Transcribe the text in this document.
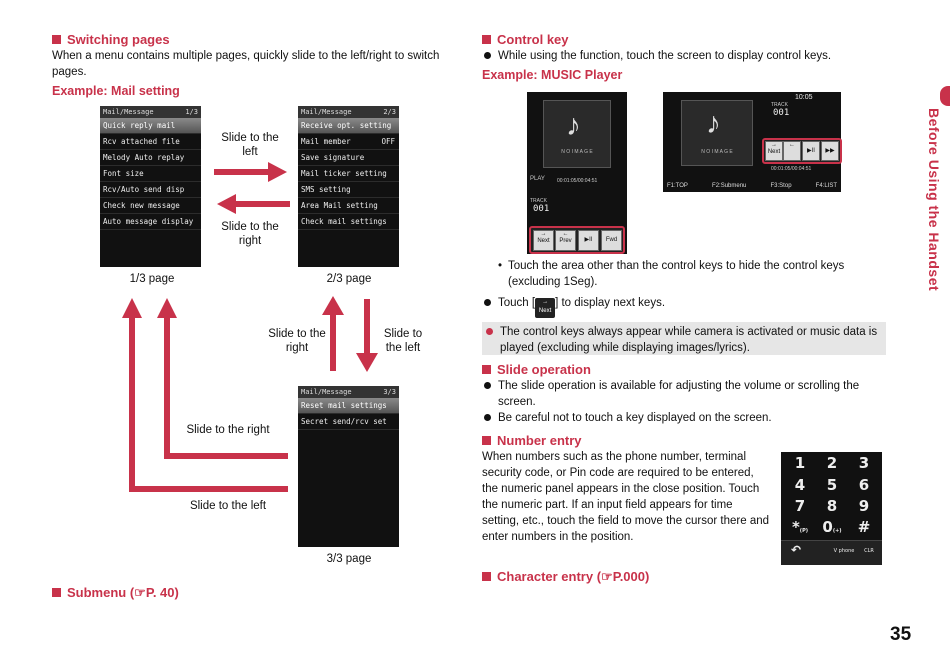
Before Using the Handset
Switching pages
When a menu contains multiple pages, quickly slide to the left/right to switch pages.
Example: Mail setting
Mail/Message	1/3
Quick reply mail
Rcv attached file
Melody Auto replay
Font size
Rcv/Auto send disp
Check new message
Auto message display
1/3 page
Mail/Message	2/3
Receive opt. setting
Mail member	OFF
Save signature
Mail ticker setting
SMS setting
Area Mail setting
Check mail settings
2/3 page
Mail/Message	3/3
Reset mail settings
Secret send/rcv set
3/3 page
Slide to the left
Slide to the right
Slide to the right
Slide to the left
Slide to the right
Slide to the left
Submenu (☞P. 40)
Control key
While using the function, touch the screen to display control keys.
Example: MUSIC Player
♪
N O I M A G E
PLAY 00:01:05/00:04:51
TRACK
001
→
Next
←
Prev	▶II	Fwd
10:05
♪
N O I M A G E
TRACK
001
→
Next
←
▶II	▶▶
00:01:05/00:04:51
F1:TOP	F2:Submenu	F3:Stop	F4:LIST
• Touch the area other than the control keys to hide the control keys (excluding 1Seg).
Touch [ →
Next] to display next keys.
The control keys always appear while camera is activated or music data is played (excluding while displaying images/lyrics).
Slide operation
The slide operation is available for adjusting the volume or scrolling the screen.
Be careful not to touch a key displayed on the screen.
Number entry
When numbers such as the phone number, terminal security code, or Pin code are required to be entered, the numeric panel appears in the close position. Touch the numeric part. If an input field appears for time setting, etc., touch the field to move the cursor there and enter numbers in the position.
1	2	3
4	5	6
7	8	9
*(P) 0(+)	#
↶	V phone	CLR
Character entry (☞P.000)
35
